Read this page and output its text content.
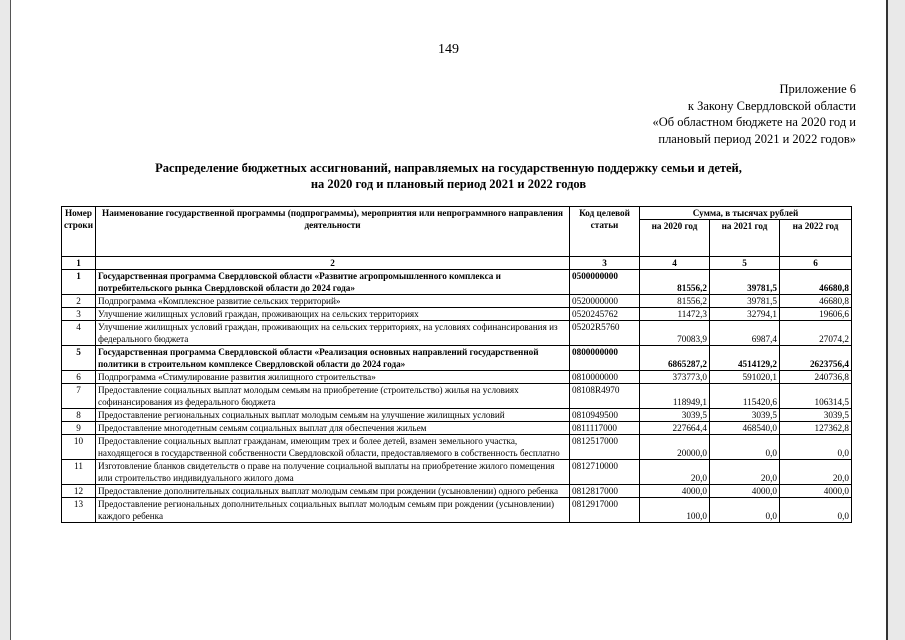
149
Приложение 6
к Закону Свердловской области
«Об областном бюджете на 2020 год и
плановый период 2021 и 2022 годов»
Распределение бюджетных ассигнований, направляемых на государственную поддержку семьи и детей,
на 2020 год и плановый период 2021 и 2022 годов
Номер строки	Наименование государственной программы (подпрограммы), мероприятия или непрограммного направления деятельности	Код целевой статьи	Сумма, в тысячах рублей		
			на 2020 год	на 2021 год	на 2022 год
1	2	3	4	5	6
1	Государственная программа Свердловской области «Развитие агропромышленного комплекса и потребительского рынка Свердловской области до 2024 года»	0500000000	81556,2	39781,5	46680,8
2	Подпрограмма «Комплексное развитие сельских территорий»	0520000000	81556,2	39781,5	46680,8
3	Улучшение жилищных условий граждан, проживающих на сельских территориях	0520245762	11472,3	32794,1	19606,6
4	Улучшение жилищных условий граждан, проживающих на сельских территориях, на условиях софинансирования из федерального бюджета	05202R5760	70083,9	6987,4	27074,2
5	Государственная программа Свердловской области «Реализация основных направлений государственной политики в строительном комплексе Свердловской области до 2024 года»	0800000000	6865287,2	4514129,2	2623756,4
6	Подпрограмма «Стимулирование развития жилищного строительства»	0810000000	373773,0	591020,1	240736,8
7	Предоставление социальных выплат молодым семьям на приобретение (строительство) жилья на условиях софинансирования из федерального бюджета	08108R4970	118949,1	115420,6	106314,5
8	Предоставление региональных социальных выплат молодым семьям на улучшение жилищных условий	0810949500	3039,5	3039,5	3039,5
9	Предоставление многодетным семьям социальных выплат для обеспечения жильем	0811117000	227664,4	468540,0	127362,8
10	Предоставление социальных выплат гражданам, имеющим трех и более детей, взамен земельного участка, находящегося в государственной собственности Свердловской области, предоставляемого в собственность бесплатно	0812517000	20000,0	0,0	0,0
11	Изготовление бланков свидетельств о праве на получение социальной выплаты на приобретение жилого помещения или строительство индивидуального жилого дома	0812710000	20,0	20,0	20,0
12	Предоставление дополнительных социальных выплат молодым семьям при рождении (усыновлении) одного ребенка	0812817000	4000,0	4000,0	4000,0
13	Предоставление региональных дополнительных социальных выплат молодым семьям при рождении (усыновлении) каждого ребенка	0812917000	100,0	0,0	0,0
